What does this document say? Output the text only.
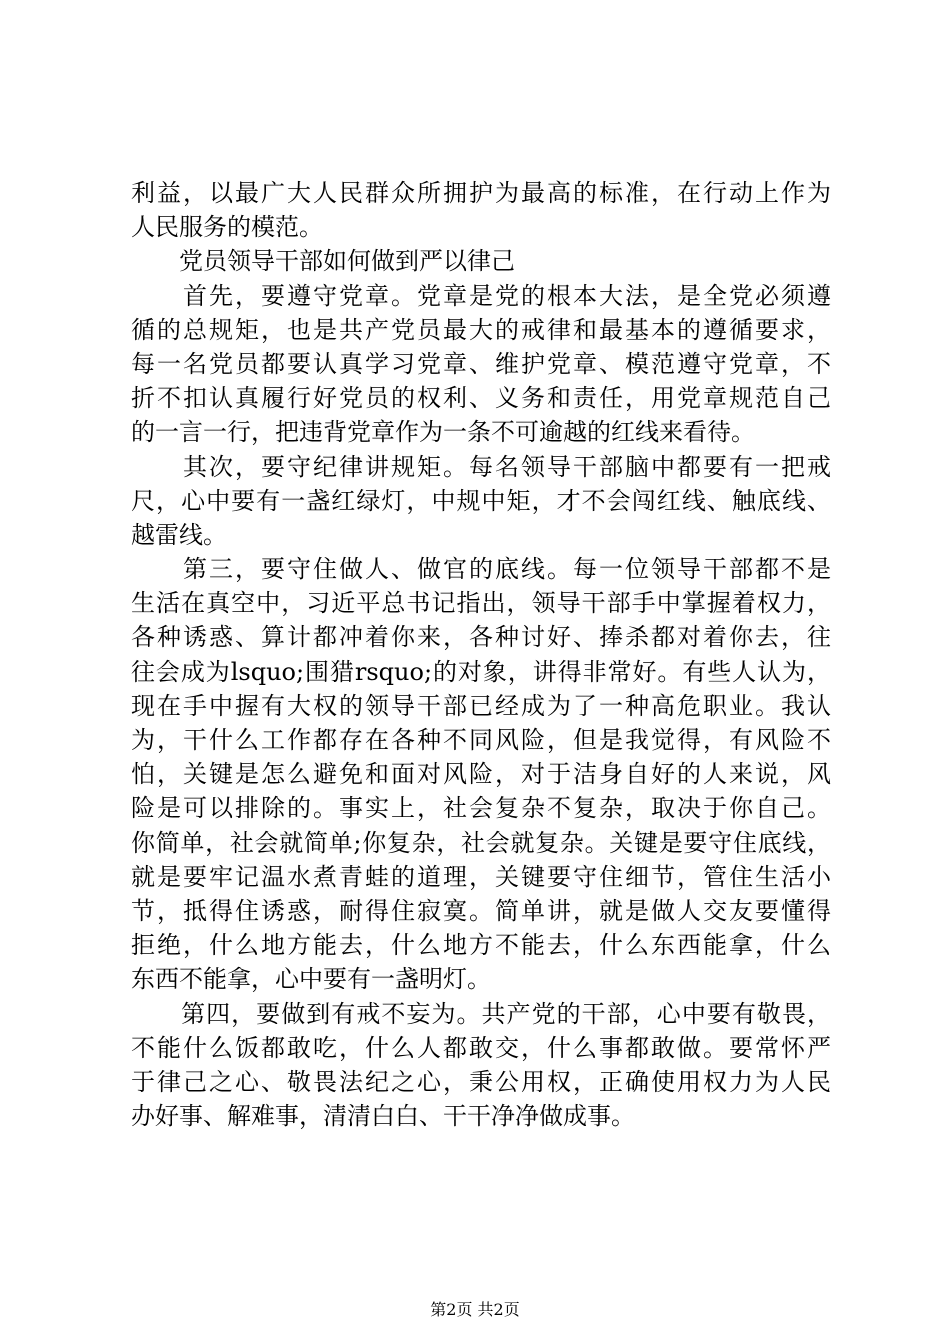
利益，以最广大人民群众所拥护为最高的标准，在行动上作为
人民服务的模范。
　　党员领导干部如何做到严以律己
　　首先，要遵守党章。党章是党的根本大法，是全党必须遵
循的总规矩，也是共产党员最大的戒律和最基本的遵循要求，
每一名党员都要认真学习党章、维护党章、模范遵守党章，不
折不扣认真履行好党员的权利、义务和责任，用党章规范自己
的一言一行，把违背党章作为一条不可逾越的红线来看待。
　　其次，要守纪律讲规矩。每名领导干部脑中都要有一把戒
尺，心中要有一盏红绿灯，中规中矩，才不会闯红线、触底线、
越雷线。
　　第三，要守住做人、做官的底线。每一位领导干部都不是
生活在真空中，习近平总书记指出，领导干部手中掌握着权力，
各种诱惑、算计都冲着你来，各种讨好、捧杀都对着你去，往
往会成为lsquo;围猎rsquo;的对象，讲得非常好。有些人认为，
现在手中握有大权的领导干部已经成为了一种高危职业。我认
为，干什么工作都存在各种不同风险，但是我觉得，有风险不
怕，关键是怎么避免和面对风险，对于洁身自好的人来说，风
险是可以排除的。事实上，社会复杂不复杂，取决于你自己。
你简单，社会就简单;你复杂，社会就复杂。关键是要守住底线，
就是要牢记温水煮青蛙的道理，关键要守住细节，管住生活小
节，抵得住诱惑，耐得住寂寞。简单讲，就是做人交友要懂得
拒绝，什么地方能去，什么地方不能去，什么东西能拿，什么
东西不能拿，心中要有一盏明灯。
　　第四，要做到有戒不妄为。共产党的干部，心中要有敬畏，
不能什么饭都敢吃，什么人都敢交，什么事都敢做。要常怀严
于律己之心、敬畏法纪之心，秉公用权，正确使用权力为人民
办好事、解难事，清清白白、干干净净做成事。
第2页 共2页
